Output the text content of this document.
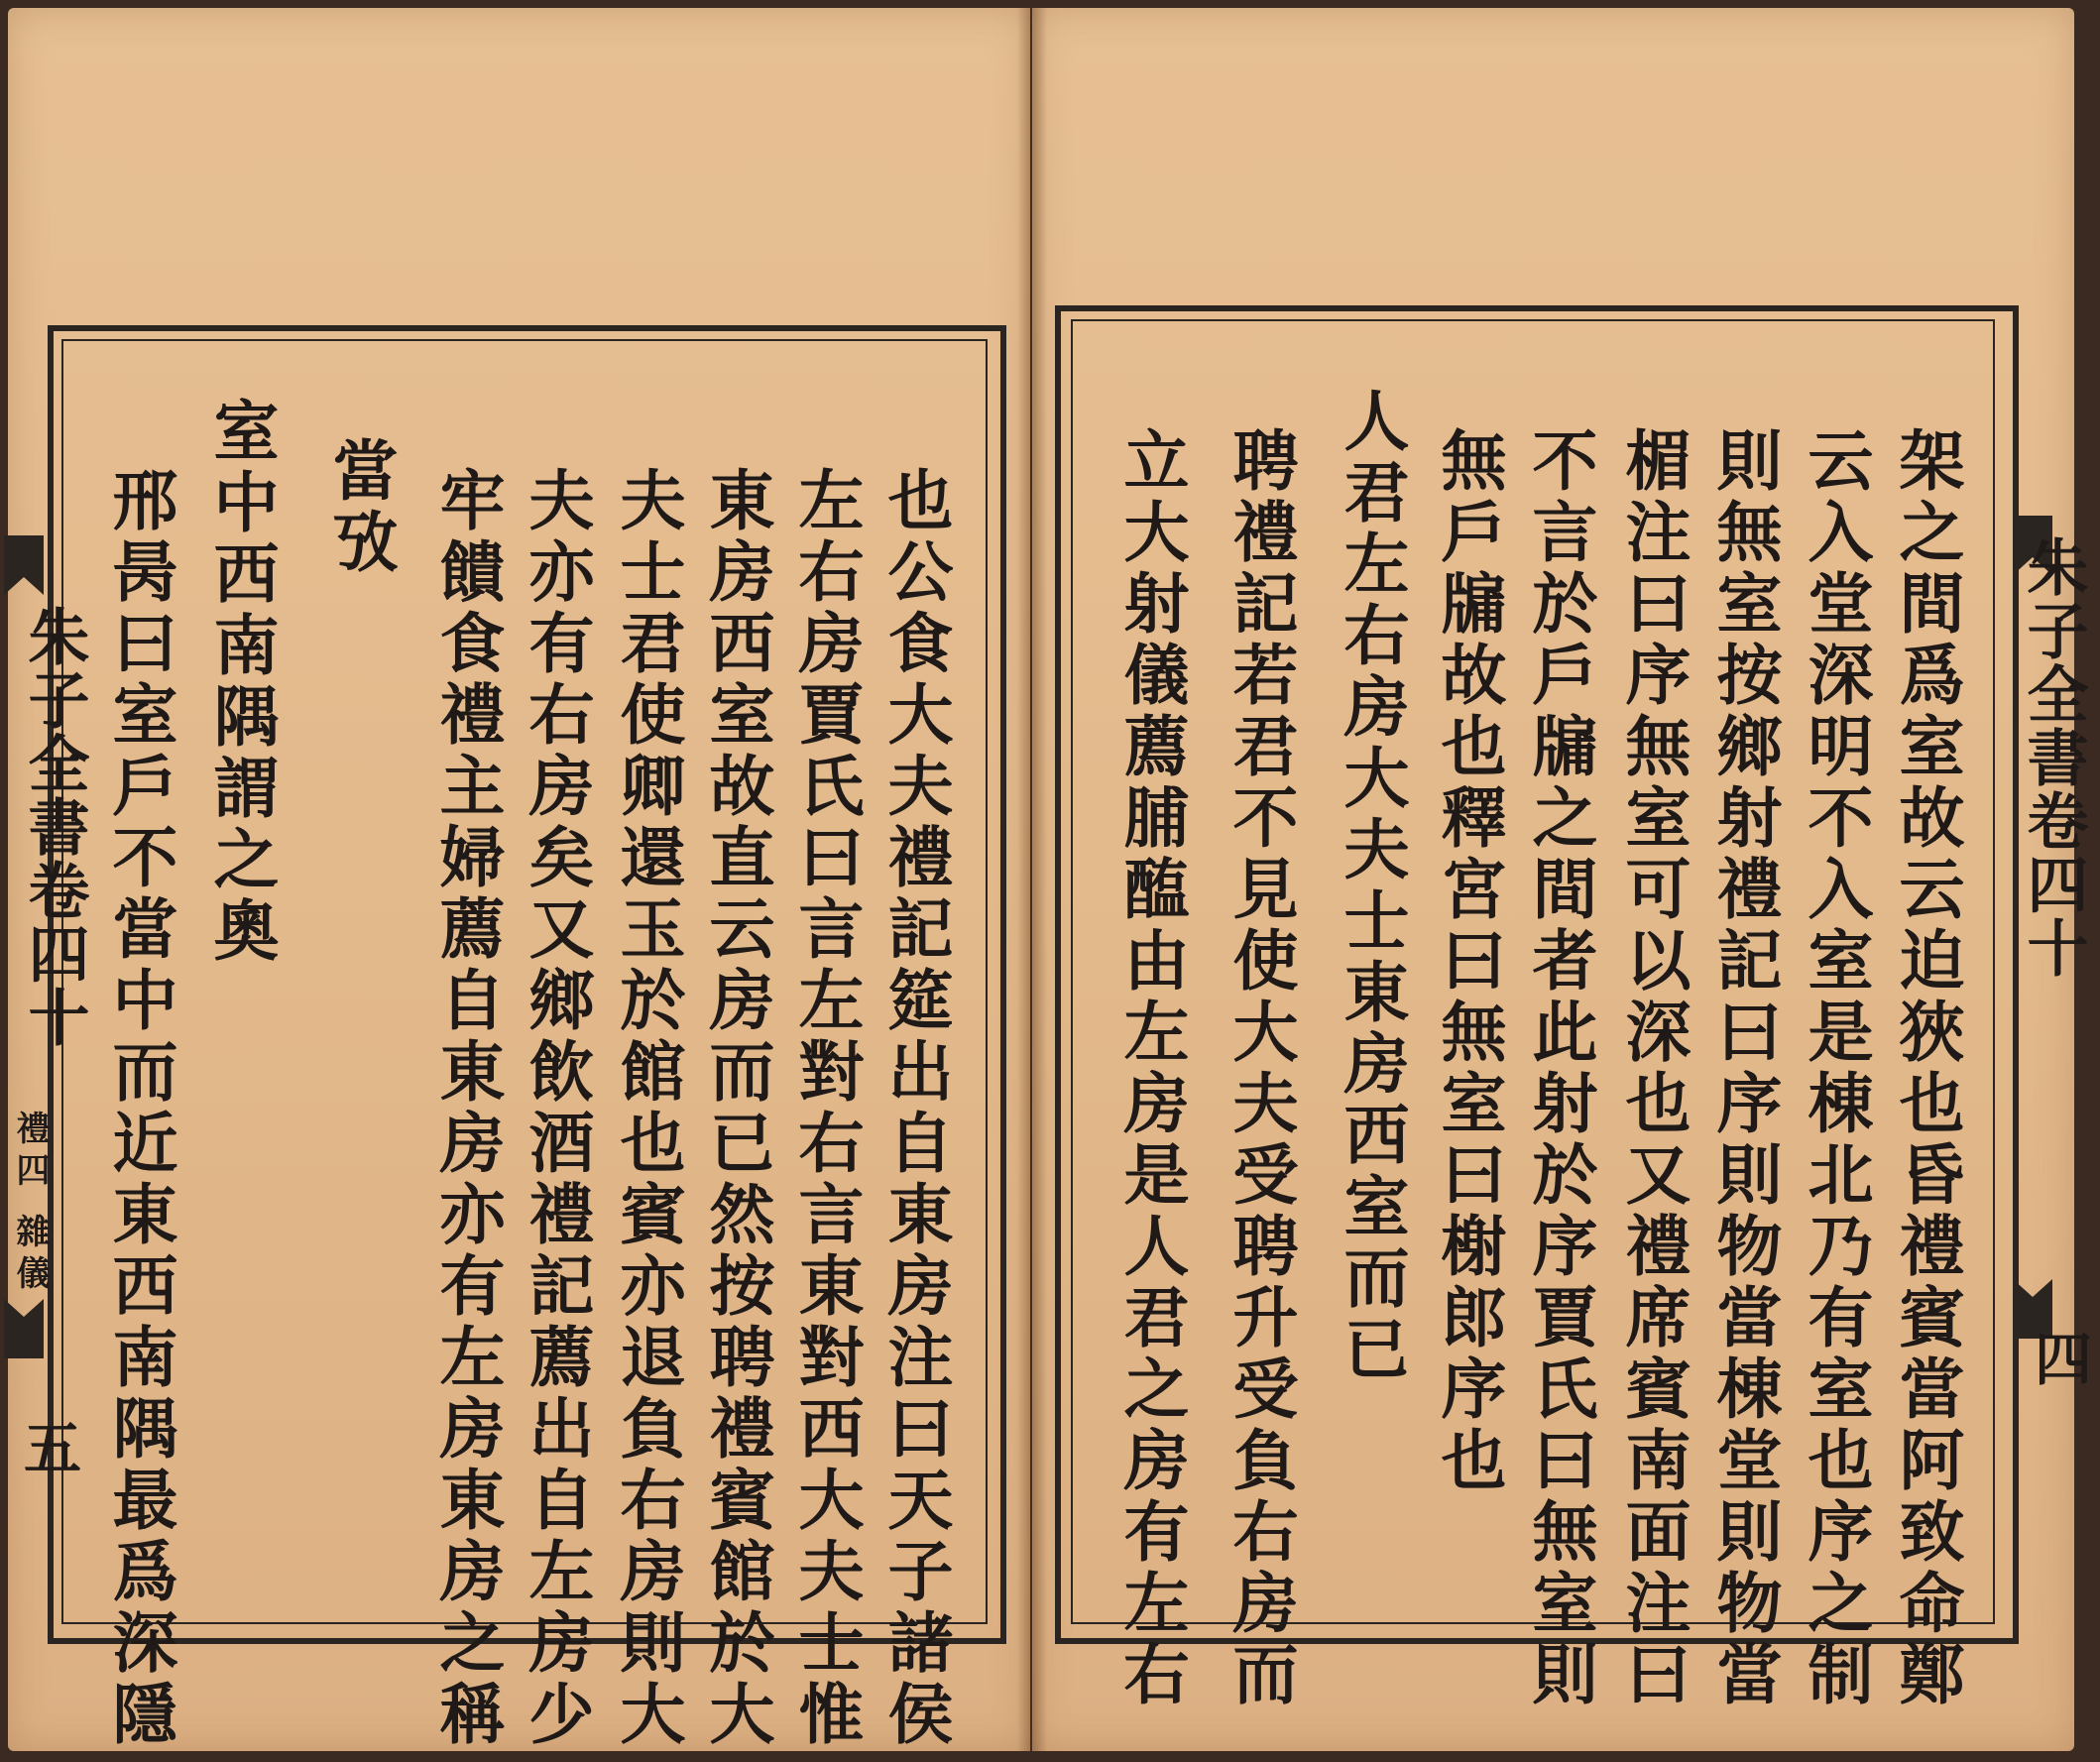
朱子全書卷四十
禮四 雜儀
五
朱子全書卷四十
四
也公食大夫禮記筵出自東房注曰天子諸侯
左右房賈氏曰言左對右言東對西大夫士惟
東房西室故直云房而已然按聘禮賓館於大
夫士君使卿還玉於館也賓亦退負右房則大
夫亦有右房矣又鄉飲酒禮記薦出自左房少
牢饋食禮主婦薦自東房亦有左房東房之稱
當攷
室中西南隅謂之奧
邢昺曰室戶不當中而近東西南隅最爲深隱	架之間爲室故云迫狹也昏禮賓當阿致命鄭
云入堂深明不入室是棟北乃有室也序之制
則無室按鄉射禮記曰序則物當棟堂則物當
楣注曰序無室可以深也又禮席賓南面注曰
不言於戶牖之間者此射於序賈氏曰無室則
無戶牖故也釋宮曰無室曰榭郎序也
人君左右房大夫士東房西室而已
聘禮記若君不見使大夫受聘升受負右房而
立大射儀薦脯醢由左房是人君之房有左右
